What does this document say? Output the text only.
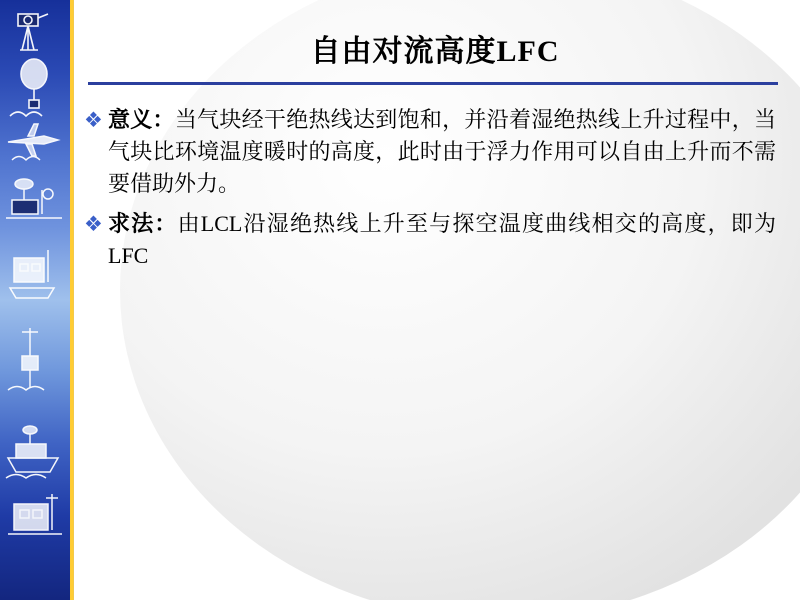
自由对流高度LFC
❖ 意义：当气块经干绝热线达到饱和，并沿着湿绝热线上升过程中，当气块比环境温度暖时的高度，此时由于浮力作用可以自由上升而不需要借助外力。
❖ 求法：由LCL沿湿绝热线上升至与探空温度曲线相交的高度，即为LFC
